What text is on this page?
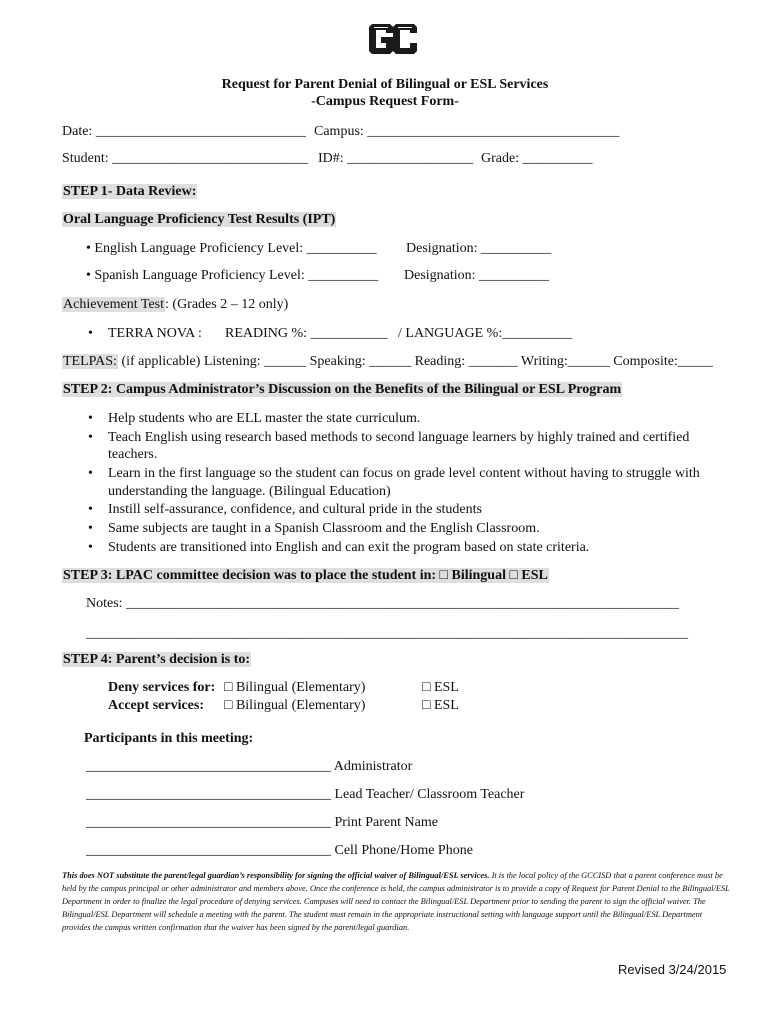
Request for Parent Denial of Bilingual or ESL Services
-Campus Request Form-
Date: ______________________________ Campus: ____________________________________
Student: ____________________________ ID#: __________________ Grade: __________
STEP 1- Data Review:
Oral Language Proficiency Test Results (IPT)
• English Language Proficiency Level: __________ Designation: __________
• Spanish Language Proficiency Level: __________ Designation: __________
Achievement Test: (Grades 2 – 12 only)
• TERRA NOVA : READING %: ___________ / LANGUAGE %:__________
TELPAS: (if applicable) Listening: ______ Speaking: ______ Reading: _______ Writing:______ Composite:_____
STEP 2: Campus Administrator’s Discussion on the Benefits of the Bilingual or ESL Program
• Help students who are ELL master the state curriculum.
• Teach English using research based methods to second language learners by highly trained and certified
teachers.
• Learn in the first language so the student can focus on grade level content without having to struggle with
understanding the language. (Bilingual Education)
• Instill self-assurance, confidence, and cultural pride in the students
• Same subjects are taught in a Spanish Classroom and the English Classroom.
• Students are transitioned into English and can exit the program based on state criteria.
STEP 3: LPAC committee decision was to place the student in: □ Bilingual □ ESL
Notes: _______________________________________________________________________________
______________________________________________________________________________________
STEP 4: Parent’s decision is to:
Deny services for: □ Bilingual (Elementary)	□ ESL
Accept services: □ Bilingual (Elementary)	□ ESL
Participants in this meeting:
___________________________________ Administrator
___________________________________ Lead Teacher/ Classroom Teacher
___________________________________ Print Parent Name
___________________________________ Cell Phone/Home Phone
This does NOT substitute the parent/legal guardian’s responsibility for signing the official waiver of Bilingual/ESL services. It is the local policy of the GCCISD that a parent conference must be held by the campus principal or other administrator and members above. Once the conference is held, the campus administrator is to provide a copy of Request for Parent Denial to the Bilingual/ESL Department in order to finalize the legal procedure of denying services. Campuses will need to contact the Bilingual/ESL Department prior to sending the parent to sign the official waiver. The Bilingual/ESL Department will schedule a meeting with the parent. The student must remain in the appropriate instructional setting with language support until the Bilingual/ESL Department provides the campus written confirmation that the waiver has been signed by the parent/legal guardian.
Revised 3/24/2015
